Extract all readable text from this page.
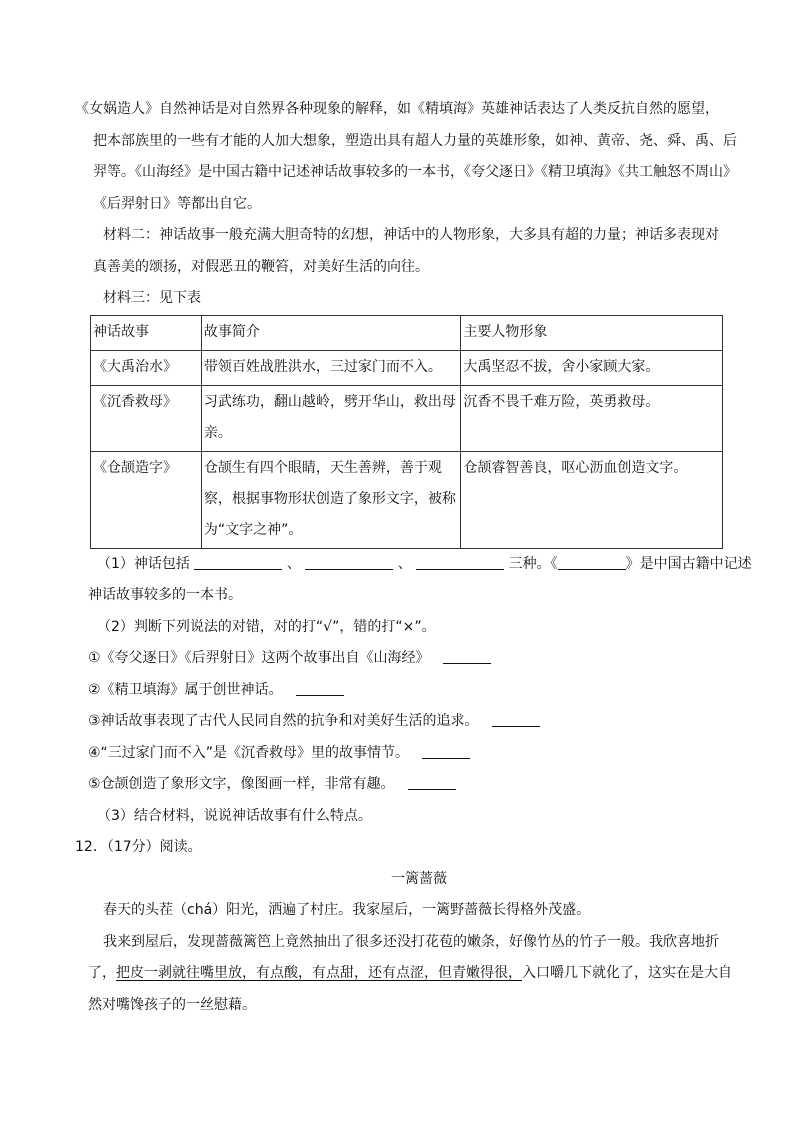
《女娲造人》自然神话是对自然界各种现象的解释，如《精填海》英雄神话表达了人类反抗自然的愿望，

把本部族里的一些有才能的人加大想象，塑造出具有超人力量的英雄形象，如神、黄帝、尧、舜、禹、后

羿等。《山海经》是中国古籍中记述神话故事较多的一本书，《夸父逐日》《精卫填海》《共工触怒不周山》

《后羿射日》等都出自它。

材料二：神话故事一般充满大胆奇特的幻想，神话中的人物形象，大多具有超的力量；神话多表现对

真善美的颂扬，对假恶丑的鞭笞，对美好生活的向往。

材料三：见下表

神话故事	故事简介	主要人物形象
《大禹治水》	带领百姓战胜洪水，三过家门而不入。	大禹坚忍不拔，舍小家顾大家。
《沉香救母》	习武练功，翻山越岭，劈开华山，救出母亲。	沉香不畏千难万险，英勇救母。
《仓颉造字》	仓颉生有四个眼睛，天生善辨，善于观察，根据事物形状创造了象形文字，被称为“文字之神”。	仓颉睿智善良，呕心沥血创造文字。

（1）神话包括	、	、	三种。《	》是中国古籍中记述

神话故事较多的一本书。

（2）判断下列说法的对错，对的打“√”，错的打“×”。

①《夸父逐日》《后羿射日》这两个故事出自《山海经》

②《精卫填海》属于创世神话。

③神话故事表现了古代人民同自然的抗争和对美好生活的追求。

④“三过家门而不入”是《沉香救母》里的故事情节。

⑤仓颉创造了象形文字，像图画一样，非常有趣。

（3）结合材料，说说神话故事有什么特点。

12．（17分）阅读。

一篱蔷薇

春天的头茬（chá）阳光，洒遍了村庄。我家屋后，一篱野蔷薇长得格外茂盛。

我来到屋后，发现蔷薇篱笆上竟然抽出了很多还没打花苞的嫩条，好像竹丛的竹子一般。我欣喜地折

了，把皮一剥就往嘴里放，有点酸，有点甜，还有点涩，但青嫩得很，入口嚼几下就化了，这实在是大自

然对嘴馋孩子的一丝慰藉。
